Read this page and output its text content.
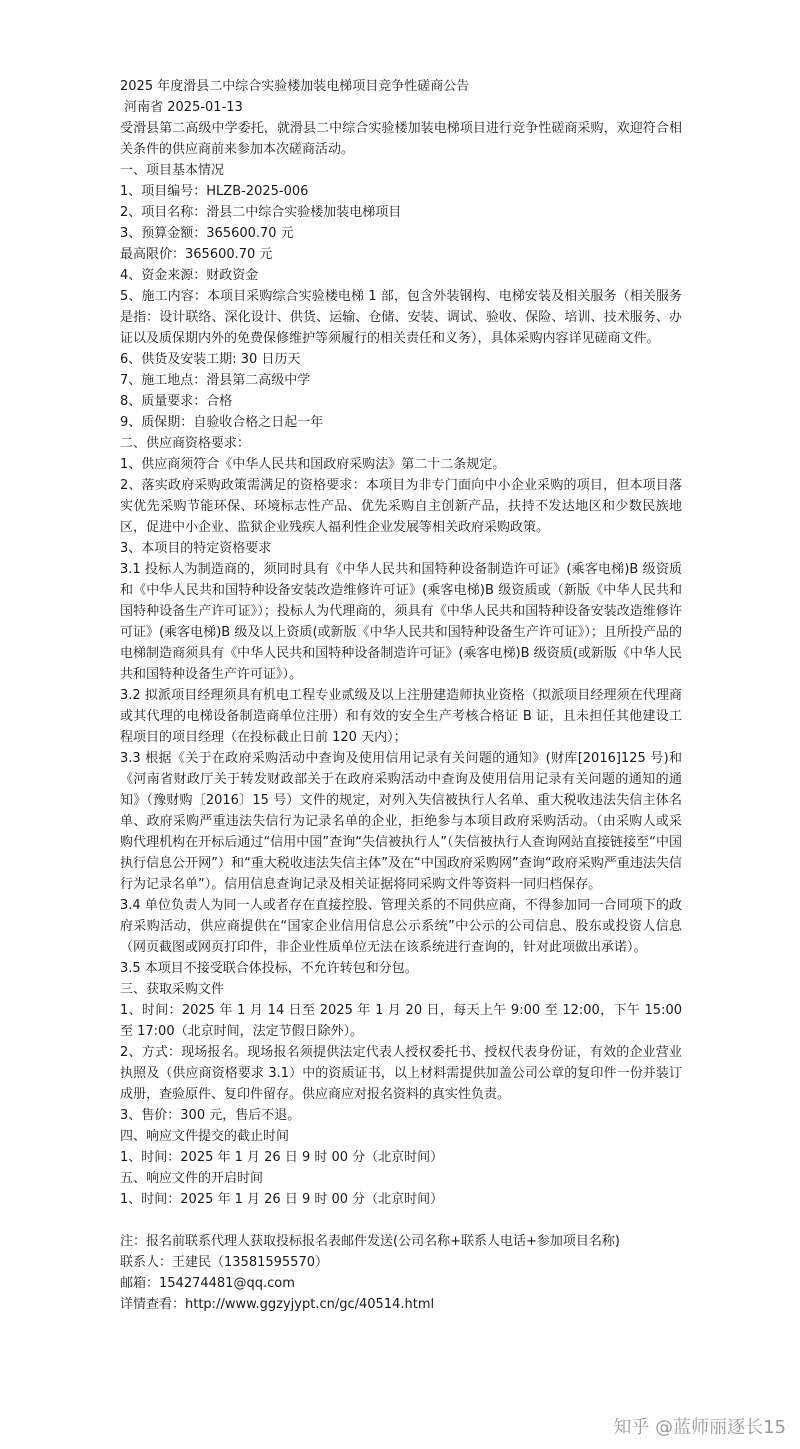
2025 年度滑县二中综合实验楼加装电梯项目竞争性磋商公告
河南省 2025-01-13
受滑县第二高级中学委托，就滑县二中综合实验楼加装电梯项目进行竞争性磋商采购，欢迎符合相关条件的供应商前来参加本次磋商活动。
一、项目基本情况
1、项目编号：HLZB-2025-006
2、项目名称：滑县二中综合实验楼加装电梯项目
3、预算金额：365600.70 元
最高限价：365600.70 元
4、资金来源：财政资金
5、施工内容：本项目采购综合实验楼电梯 1 部，包含外装钢构、电梯安装及相关服务（相关服务是指：设计联络、深化设计、供货、运输、仓储、安装、调试、验收、保险、培训、技术服务、办证以及质保期内外的免费保修维护等须履行的相关责任和义务），具体采购内容详见磋商文件。
6、供货及安装工期: 30 日历天
7、施工地点：滑县第二高级中学
8、质量要求：合格
9、质保期：自验收合格之日起一年
二、供应商资格要求：
1、供应商须符合《中华人民共和国政府采购法》第二十二条规定。
2、落实政府采购政策需满足的资格要求：本项目为非专门面向中小企业采购的项目，但本项目落实优先采购节能环保、环境标志性产品、优先采购自主创新产品，扶持不发达地区和少数民族地区，促进中小企业、监狱企业残疾人福利性企业发展等相关政府采购政策。
3、本项目的特定资格要求
3.1 投标人为制造商的，须同时具有《中华人民共和国特种设备制造许可证》(乘客电梯)B 级资质和《中华人民共和国特种设备安装改造维修许可证》(乘客电梯)B 级资质或（新版《中华人民共和国特种设备生产许可证》）；投标人为代理商的，须具有《中华人民共和国特种设备安装改造维修许可证》(乘客电梯)B 级及以上资质(或新版《中华人民共和国特种设备生产许可证》）；且所投产品的电梯制造商须具有《中华人民共和国特种设备制造许可证》(乘客电梯)B 级资质(或新版《中华人民共和国特种设备生产许可证》）。
3.2 拟派项目经理须具有机电工程专业贰级及以上注册建造师执业资格（拟派项目经理须在代理商或其代理的电梯设备制造商单位注册）和有效的安全生产考核合格证 B 证，且未担任其他建设工程项目的项目经理（在投标截止日前 120 天内）；
3.3 根据《关于在政府采购活动中查询及使用信用记录有关问题的通知》(财库[2016]125 号)和《河南省财政厅关于转发财政部关于在政府采购活动中查询及使用信用记录有关问题的通知的通知》（豫财购〔2016〕15 号）文件的规定，对列入失信被执行人名单、重大税收违法失信主体名单、政府采购严重违法失信行为记录名单的企业，拒绝参与本项目政府采购活动。（由采购人或采购代理机构在开标后通过“信用中国”查询“失信被执行人”（失信被执行人查询网站直接链接至“中国执行信息公开网”）和“重大税收违法失信主体”及在“中国政府采购网”查询“政府采购严重违法失信行为记录名单”）。信用信息查询记录及相关证据将同采购文件等资料一同归档保存。
3.4 单位负责人为同一人或者存在直接控股、管理关系的不同供应商，不得参加同一合同项下的政府采购活动，供应商提供在“国家企业信用信息公示系统”中公示的公司信息、股东或投资人信息（网页截图或网页打印件，非企业性质单位无法在该系统进行查询的，针对此项做出承诺）。
3.5 本项目不接受联合体投标，不允许转包和分包。
三、获取采购文件
1、时间：2025 年 1 月 14 日至 2025 年 1 月 20 日，每天上午 9:00 至 12:00，下午 15:00 至 17:00（北京时间，法定节假日除外）。
2、方式：现场报名。现场报名须提供法定代表人授权委托书、授权代表身份证，有效的企业营业执照及（供应商资格要求 3.1）中的资质证书，以上材料需提供加盖公司公章的复印件一份并装订成册，查验原件、复印件留存。供应商应对报名资料的真实性负责。
3、售价：300 元，售后不退。
四、响应文件提交的截止时间
1、时间：2025 年 1 月 26 日 9 时 00 分（北京时间）
五、响应文件的开启时间
1、时间：2025 年 1 月 26 日 9 时 00 分（北京时间）
注：报名前联系代理人获取投标报名表邮件发送(公司名称+联系人电话+参加项目名称)
联系人：王建民（13581595570）
邮箱：154274481@qq.com
详情查看：http://www.ggzyjypt.cn/gc/40514.html
知乎 @蓝师丽逐长15
